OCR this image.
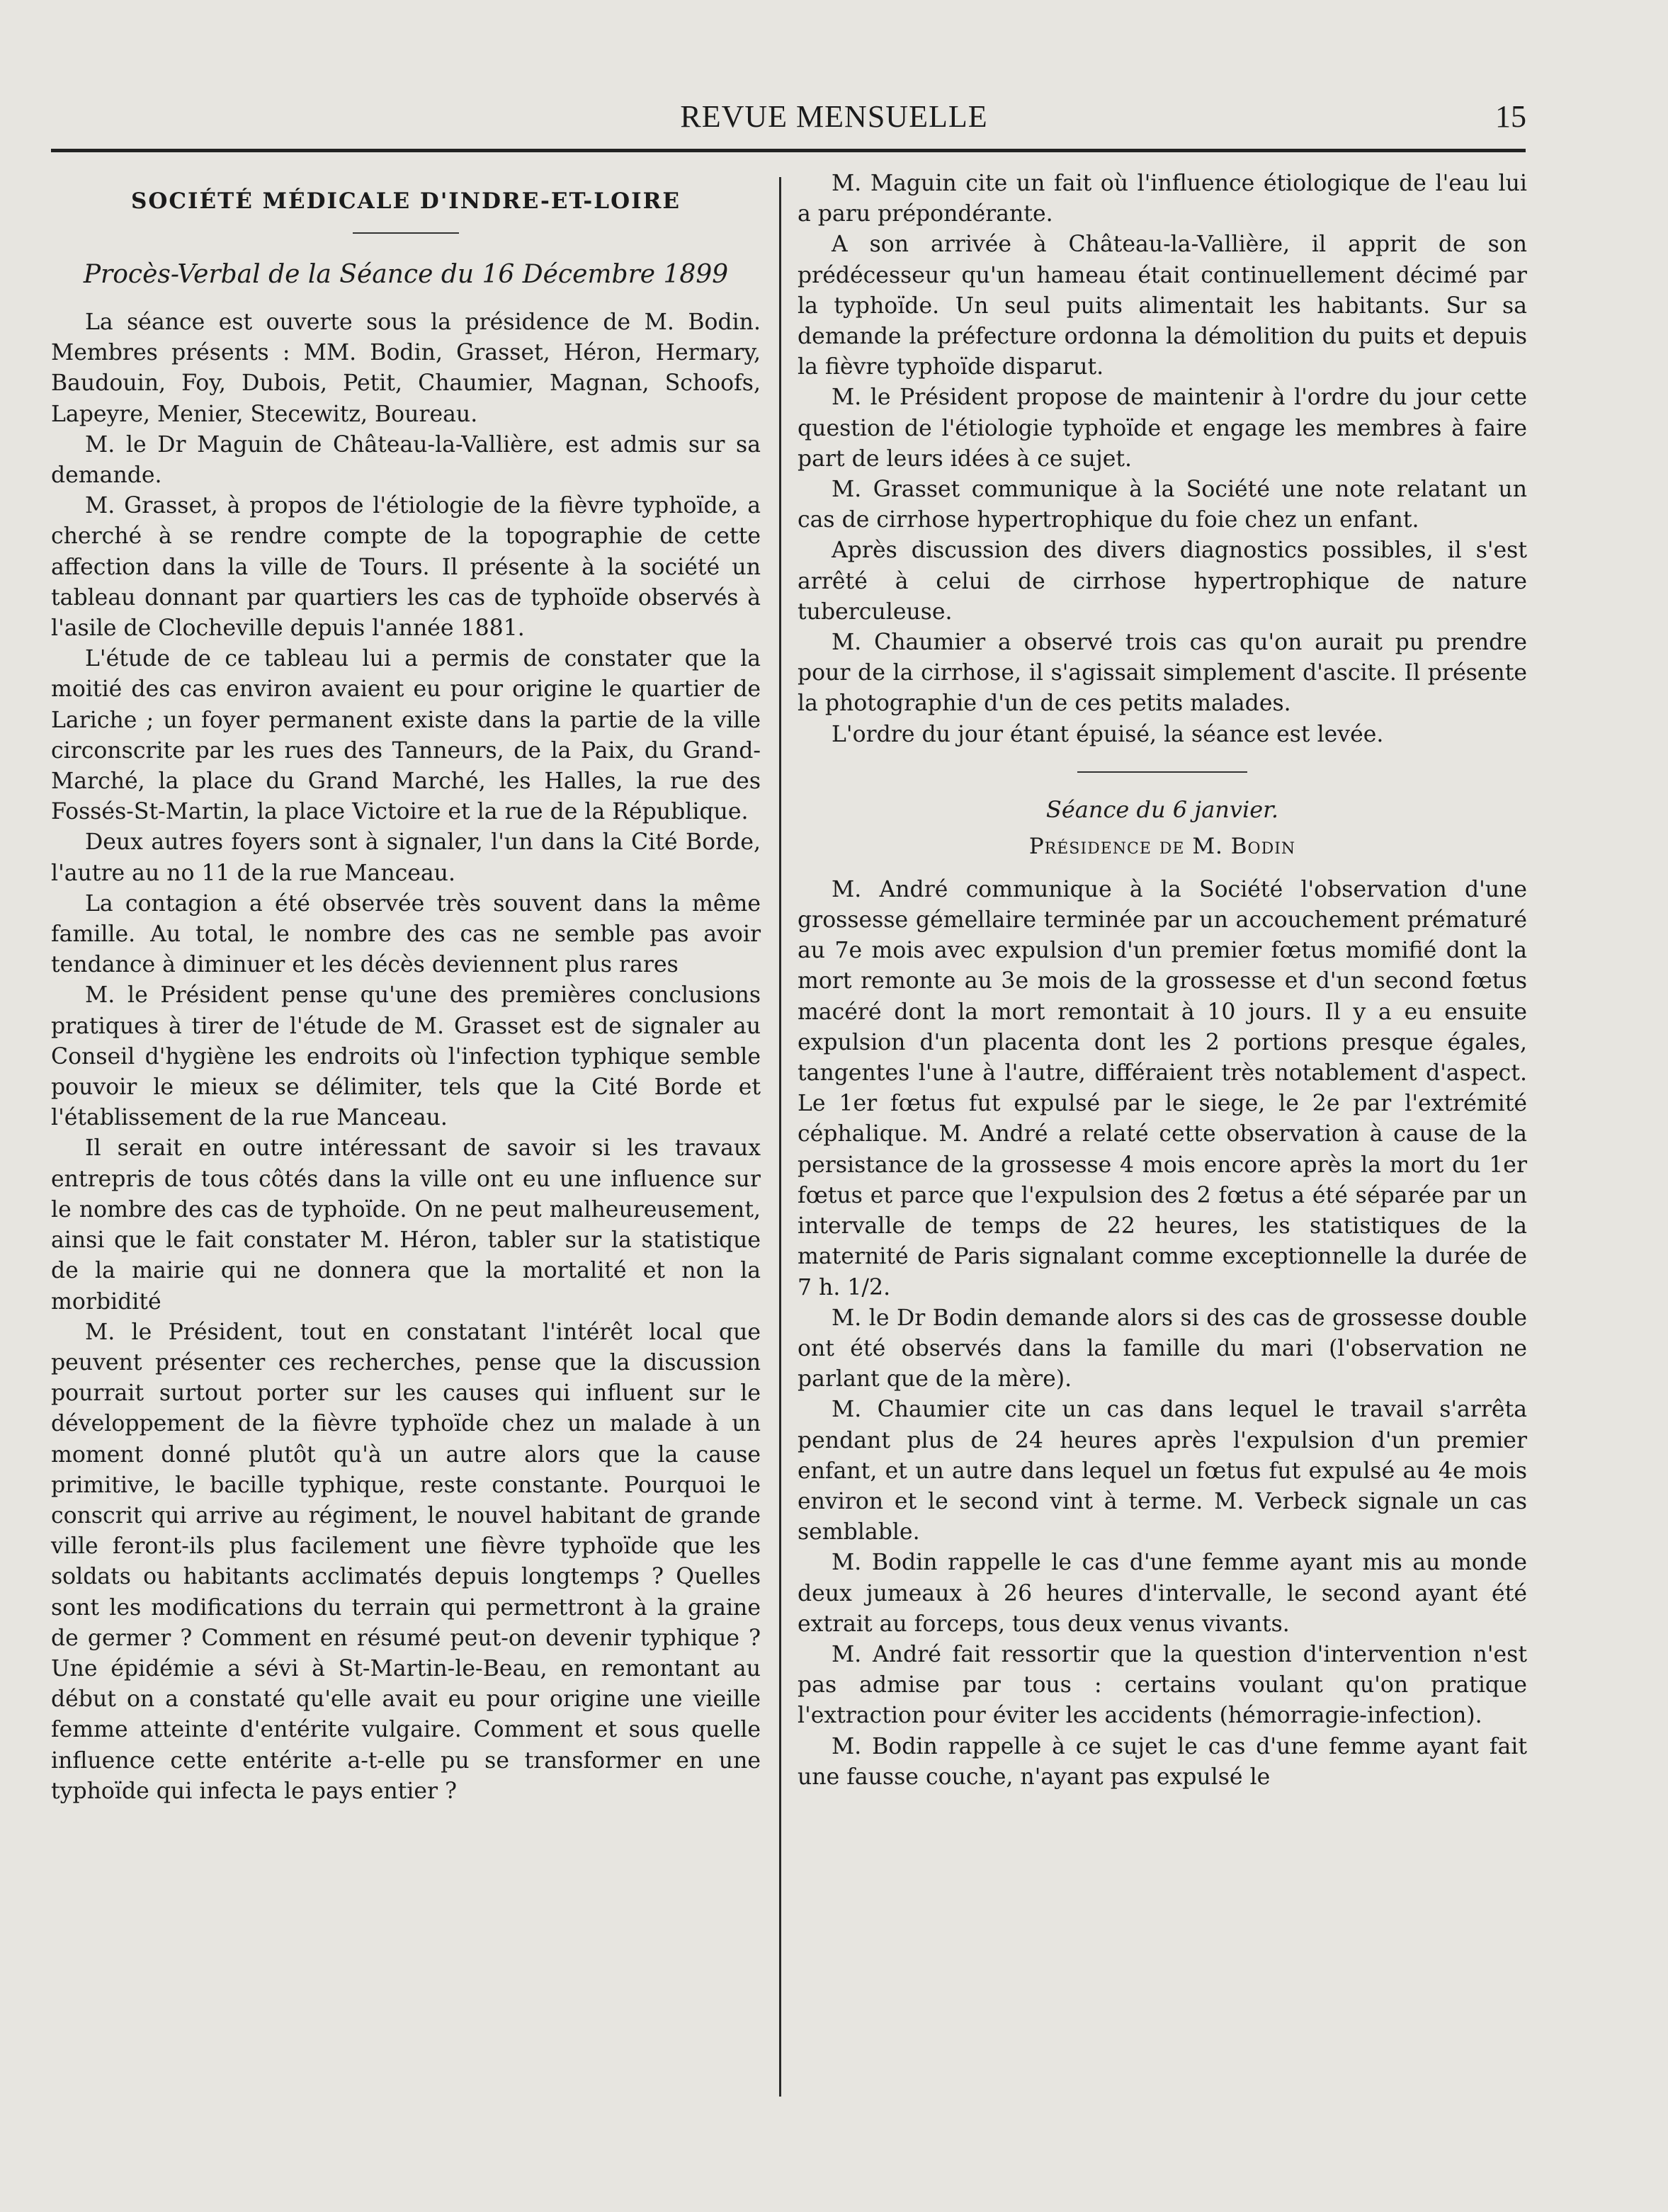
REVUE MENSUELLE	15
SOCIÉTÉ MÉDICALE D'INDRE-ET-LOIRE
Procès-Verbal de la Séance du 16 Décembre 1899

La séance est ouverte sous la présidence de M. Bodin. Membres présents : MM. Bodin, Grasset, Héron, Hermary, Baudouin, Foy, Dubois, Petit, Chaumier, Magnan, Schoofs, Lapeyre, Menier, Stecewitz, Boureau.

M. le Dr Maguin de Château-la-Vallière, est admis sur sa demande.

M. Grasset, à propos de l'étiologie de la fièvre typhoïde, a cherché à se rendre compte de la topographie de cette affection dans la ville de Tours. Il présente à la société un tableau donnant par quartiers les cas de typhoïde observés à l'asile de Clocheville depuis l'année 1881.

L'étude de ce tableau lui a permis de constater que la moitié des cas environ avaient eu pour origine le quartier de Lariche ; un foyer permanent existe dans la partie de la ville circonscrite par les rues des Tanneurs, de la Paix, du Grand-Marché, la place du Grand Marché, les Halles, la rue des Fossés-St-Martin, la place Victoire et la rue de la République.

Deux autres foyers sont à signaler, l'un dans la Cité Borde, l'autre au no 11 de la rue Manceau.

La contagion a été observée très souvent dans la même famille. Au total, le nombre des cas ne semble pas avoir tendance à diminuer et les décès deviennent plus rares

M. le Président pense qu'une des premières conclusions pratiques à tirer de l'étude de M. Grasset est de signaler au Conseil d'hygiène les endroits où l'infection typhique semble pouvoir le mieux se délimiter, tels que la Cité Borde et l'établissement de la rue Manceau.

Il serait en outre intéressant de savoir si les travaux entrepris de tous côtés dans la ville ont eu une influence sur le nombre des cas de typhoïde. On ne peut malheureusement, ainsi que le fait constater M. Héron, tabler sur la statistique de la mairie qui ne donnera que la mortalité et non la morbidité

M. le Président, tout en constatant l'intérêt local que peuvent présenter ces recherches, pense que la discussion pourrait surtout porter sur les causes qui influent sur le développement de la fièvre typhoïde chez un malade à un moment donné plutôt qu'à un autre alors que la cause primitive, le bacille typhique, reste constante. Pourquoi le conscrit qui arrive au régiment, le nouvel habitant de grande ville feront-ils plus facilement une fièvre typhoïde que les soldats ou habitants acclimatés depuis longtemps ? Quelles sont les modifications du terrain qui permettront à la graine de germer ? Comment en résumé peut-on devenir typhique ? Une épidémie a sévi à St-Martin-le-Beau, en remontant au début on a constaté qu'elle avait eu pour origine une vieille femme atteinte d'entérite vulgaire. Comment et sous quelle influence cette entérite a-t-elle pu se transformer en une typhoïde qui infecta le pays entier ?

M. Maguin cite un fait où l'influence étiologique de l'eau lui a paru prépondérante.

A son arrivée à Château-la-Vallière, il apprit de son prédécesseur qu'un hameau était continuellement décimé par la typhoïde. Un seul puits alimentait les habitants. Sur sa demande la préfecture ordonna la démolition du puits et depuis la fièvre typhoïde disparut.

M. le Président propose de maintenir à l'ordre du jour cette question de l'étiologie typhoïde et engage les membres à faire part de leurs idées à ce sujet.

M. Grasset communique à la Société une note relatant un cas de cirrhose hypertrophique du foie chez un enfant.

Après discussion des divers diagnostics possibles, il s'est arrêté à celui de cirrhose hypertrophique de nature tuberculeuse.

M. Chaumier a observé trois cas qu'on aurait pu prendre pour de la cirrhose, il s'agissait simplement d'ascite. Il présente la photographie d'un de ces petits malades.

L'ordre du jour étant épuisé, la séance est levée.

Séance du 6 janvier.
Présidence de M. Bodin

M. André communique à la Société l'observation d'une grossesse gémellaire terminée par un accouchement prématuré au 7e mois avec expulsion d'un premier fœtus momifié dont la mort remonte au 3e mois de la grossesse et d'un second fœtus macéré dont la mort remontait à 10 jours. Il y a eu ensuite expulsion d'un placenta dont les 2 portions presque égales, tangentes l'une à l'autre, différaient très notablement d'aspect. Le 1er fœtus fut expulsé par le siege, le 2e par l'extrémité céphalique. M. André a relaté cette observation à cause de la persistance de la grossesse 4 mois encore après la mort du 1er fœtus et parce que l'expulsion des 2 fœtus a été séparée par un intervalle de temps de 22 heures, les statistiques de la maternité de Paris signalant comme exceptionnelle la durée de 7 h. 1/2.

M. le Dr Bodin demande alors si des cas de grossesse double ont été observés dans la famille du mari (l'observation ne parlant que de la mère).

M. Chaumier cite un cas dans lequel le travail s'arrêta pendant plus de 24 heures après l'expulsion d'un premier enfant, et un autre dans lequel un fœtus fut expulsé au 4e mois environ et le second vint à terme. M. Verbeck signale un cas semblable.

M. Bodin rappelle le cas d'une femme ayant mis au monde deux jumeaux à 26 heures d'intervalle, le second ayant été extrait au forceps, tous deux venus vivants.

M. André fait ressortir que la question d'intervention n'est pas admise par tous : certains voulant qu'on pratique l'extraction pour éviter les accidents (hémorragie-infection).

M. Bodin rappelle à ce sujet le cas d'une femme ayant fait une fausse couche, n'ayant pas expulsé le
